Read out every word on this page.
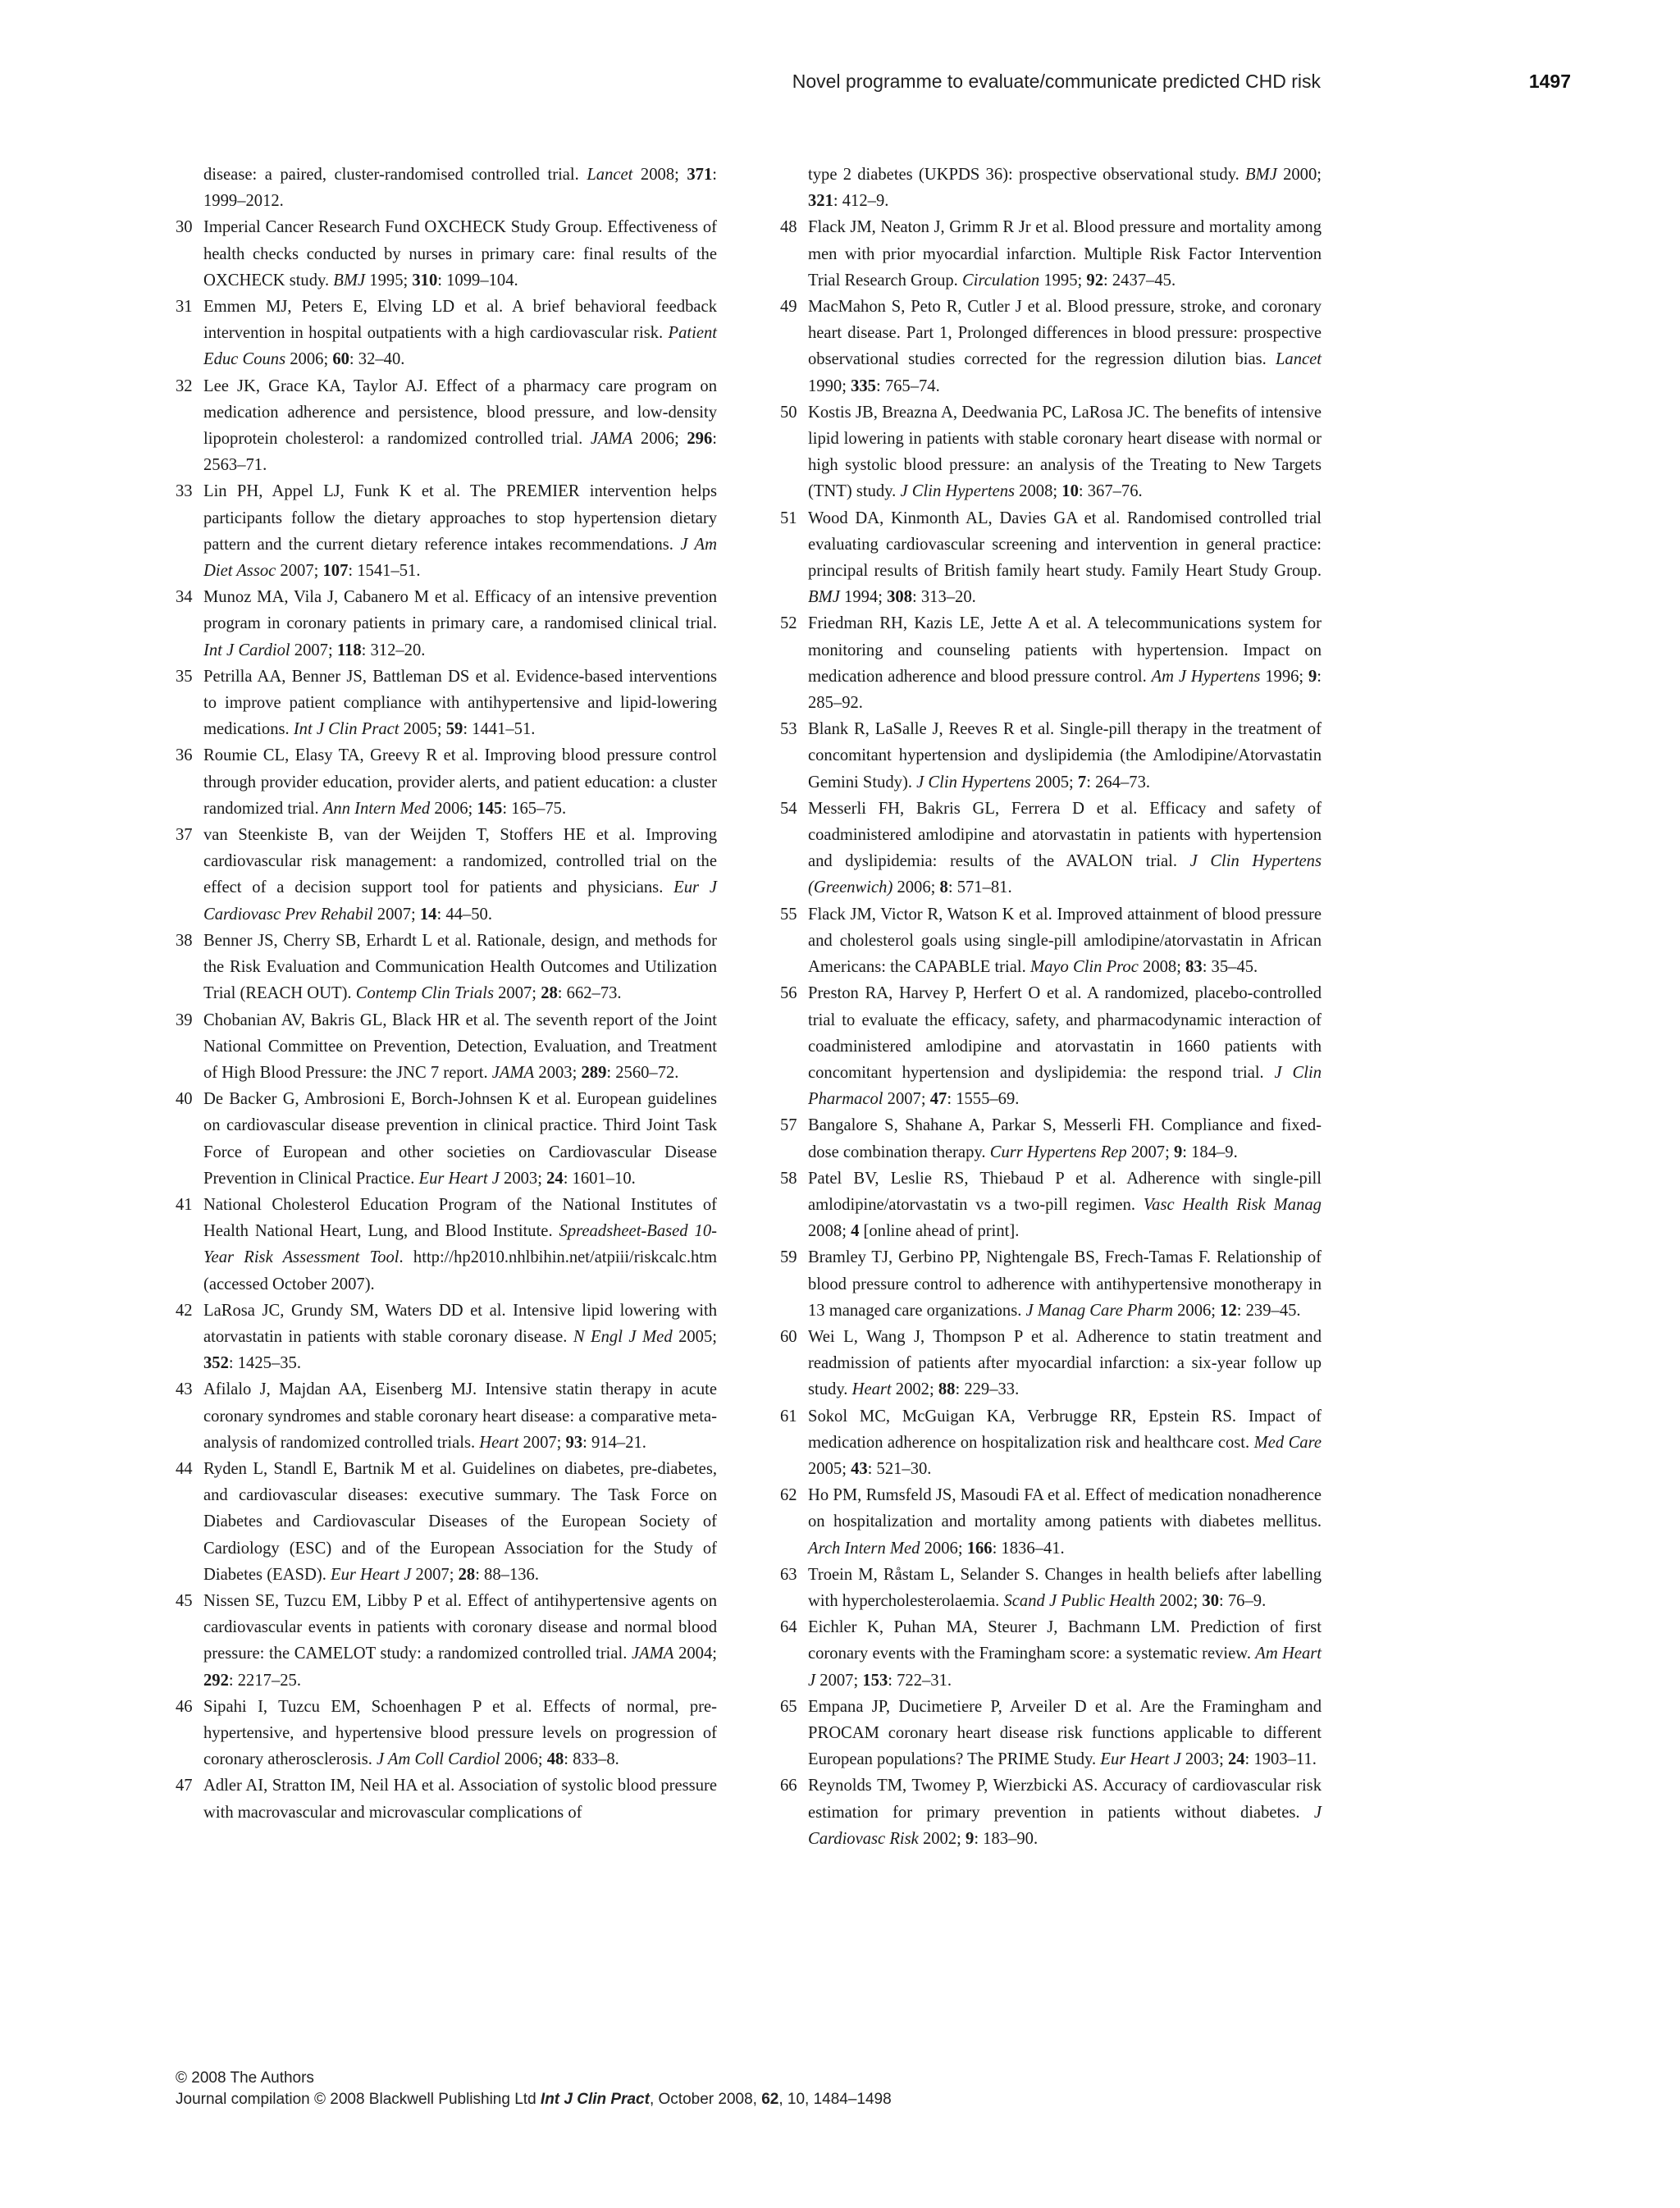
Novel programme to evaluate/communicate predicted CHD risk	1497
disease: a paired, cluster-randomised controlled trial. Lancet 2008; 371: 1999–2012.
30 Imperial Cancer Research Fund OXCHECK Study Group. Effectiveness of health checks conducted by nurses in primary care: final results of the OXCHECK study. BMJ 1995; 310: 1099–104.
31 Emmen MJ, Peters E, Elving LD et al. A brief behavioral feedback intervention in hospital outpatients with a high cardiovascular risk. Patient Educ Couns 2006; 60: 32–40.
32 Lee JK, Grace KA, Taylor AJ. Effect of a pharmacy care program on medication adherence and persistence, blood pressure, and low-density lipoprotein cholesterol: a randomized controlled trial. JAMA 2006; 296: 2563–71.
33 Lin PH, Appel LJ, Funk K et al. The PREMIER intervention helps participants follow the dietary approaches to stop hypertension dietary pattern and the current dietary reference intakes recommendations. J Am Diet Assoc 2007; 107: 1541–51.
34 Munoz MA, Vila J, Cabanero M et al. Efficacy of an intensive prevention program in coronary patients in primary care, a randomised clinical trial. Int J Cardiol 2007; 118: 312–20.
35 Petrilla AA, Benner JS, Battleman DS et al. Evidence-based interventions to improve patient compliance with antihypertensive and lipid-lowering medications. Int J Clin Pract 2005; 59: 1441–51.
36 Roumie CL, Elasy TA, Greevy R et al. Improving blood pressure control through provider education, provider alerts, and patient education: a cluster randomized trial. Ann Intern Med 2006; 145: 165–75.
37 van Steenkiste B, van der Weijden T, Stoffers HE et al. Improving cardiovascular risk management: a randomized, controlled trial on the effect of a decision support tool for patients and physicians. Eur J Cardiovasc Prev Rehabil 2007; 14: 44–50.
38 Benner JS, Cherry SB, Erhardt L et al. Rationale, design, and methods for the Risk Evaluation and Communication Health Outcomes and Utilization Trial (REACH OUT). Contemp Clin Trials 2007; 28: 662–73.
39 Chobanian AV, Bakris GL, Black HR et al. The seventh report of the Joint National Committee on Prevention, Detection, Evaluation, and Treatment of High Blood Pressure: the JNC 7 report. JAMA 2003; 289: 2560–72.
40 De Backer G, Ambrosioni E, Borch-Johnsen K et al. European guidelines on cardiovascular disease prevention in clinical practice. Third Joint Task Force of European and other societies on Cardiovascular Disease Prevention in Clinical Practice. Eur Heart J 2003; 24: 1601–10.
41 National Cholesterol Education Program of the National Institutes of Health National Heart, Lung, and Blood Institute. Spreadsheet-Based 10-Year Risk Assessment Tool. http://hp2010.nhlbihin.net/atpiii/riskcalc.htm (accessed October 2007).
42 LaRosa JC, Grundy SM, Waters DD et al. Intensive lipid lowering with atorvastatin in patients with stable coronary disease. N Engl J Med 2005; 352: 1425–35.
43 Afilalo J, Majdan AA, Eisenberg MJ. Intensive statin therapy in acute coronary syndromes and stable coronary heart disease: a comparative meta-analysis of randomized controlled trials. Heart 2007; 93: 914–21.
44 Ryden L, Standl E, Bartnik M et al. Guidelines on diabetes, pre-diabetes, and cardiovascular diseases: executive summary. The Task Force on Diabetes and Cardiovascular Diseases of the European Society of Cardiology (ESC) and of the European Association for the Study of Diabetes (EASD). Eur Heart J 2007; 28: 88–136.
45 Nissen SE, Tuzcu EM, Libby P et al. Effect of antihypertensive agents on cardiovascular events in patients with coronary disease and normal blood pressure: the CAMELOT study: a randomized controlled trial. JAMA 2004; 292: 2217–25.
46 Sipahi I, Tuzcu EM, Schoenhagen P et al. Effects of normal, pre-hypertensive, and hypertensive blood pressure levels on progression of coronary atherosclerosis. J Am Coll Cardiol 2006; 48: 833–8.
47 Adler AI, Stratton IM, Neil HA et al. Association of systolic blood pressure with macrovascular and microvascular complications of
type 2 diabetes (UKPDS 36): prospective observational study. BMJ 2000; 321: 412–9.
48 Flack JM, Neaton J, Grimm R Jr et al. Blood pressure and mortality among men with prior myocardial infarction. Multiple Risk Factor Intervention Trial Research Group. Circulation 1995; 92: 2437–45.
49 MacMahon S, Peto R, Cutler J et al. Blood pressure, stroke, and coronary heart disease. Part 1, Prolonged differences in blood pressure: prospective observational studies corrected for the regression dilution bias. Lancet 1990; 335: 765–74.
50 Kostis JB, Breazna A, Deedwania PC, LaRosa JC. The benefits of intensive lipid lowering in patients with stable coronary heart disease with normal or high systolic blood pressure: an analysis of the Treating to New Targets (TNT) study. J Clin Hypertens 2008; 10: 367–76.
51 Wood DA, Kinmonth AL, Davies GA et al. Randomised controlled trial evaluating cardiovascular screening and intervention in general practice: principal results of British family heart study. Family Heart Study Group. BMJ 1994; 308: 313–20.
52 Friedman RH, Kazis LE, Jette A et al. A telecommunications system for monitoring and counseling patients with hypertension. Impact on medication adherence and blood pressure control. Am J Hypertens 1996; 9: 285–92.
53 Blank R, LaSalle J, Reeves R et al. Single-pill therapy in the treatment of concomitant hypertension and dyslipidemia (the Amlodipine/Atorvastatin Gemini Study). J Clin Hypertens 2005; 7: 264–73.
54 Messerli FH, Bakris GL, Ferrera D et al. Efficacy and safety of coadministered amlodipine and atorvastatin in patients with hypertension and dyslipidemia: results of the AVALON trial. J Clin Hypertens (Greenwich) 2006; 8: 571–81.
55 Flack JM, Victor R, Watson K et al. Improved attainment of blood pressure and cholesterol goals using single-pill amlodipine/atorvastatin in African Americans: the CAPABLE trial. Mayo Clin Proc 2008; 83: 35–45.
56 Preston RA, Harvey P, Herfert O et al. A randomized, placebo-controlled trial to evaluate the efficacy, safety, and pharmacodynamic interaction of coadministered amlodipine and atorvastatin in 1660 patients with concomitant hypertension and dyslipidemia: the respond trial. J Clin Pharmacol 2007; 47: 1555–69.
57 Bangalore S, Shahane A, Parkar S, Messerli FH. Compliance and fixed-dose combination therapy. Curr Hypertens Rep 2007; 9: 184–9.
58 Patel BV, Leslie RS, Thiebaud P et al. Adherence with single-pill amlodipine/atorvastatin vs a two-pill regimen. Vasc Health Risk Manag 2008; 4 [online ahead of print].
59 Bramley TJ, Gerbino PP, Nightengale BS, Frech-Tamas F. Relationship of blood pressure control to adherence with antihypertensive monotherapy in 13 managed care organizations. J Manag Care Pharm 2006; 12: 239–45.
60 Wei L, Wang J, Thompson P et al. Adherence to statin treatment and readmission of patients after myocardial infarction: a six-year follow up study. Heart 2002; 88: 229–33.
61 Sokol MC, McGuigan KA, Verbrugge RR, Epstein RS. Impact of medication adherence on hospitalization risk and healthcare cost. Med Care 2005; 43: 521–30.
62 Ho PM, Rumsfeld JS, Masoudi FA et al. Effect of medication nonadherence on hospitalization and mortality among patients with diabetes mellitus. Arch Intern Med 2006; 166: 1836–41.
63 Troein M, Råstam L, Selander S. Changes in health beliefs after labelling with hypercholesterolaemia. Scand J Public Health 2002; 30: 76–9.
64 Eichler K, Puhan MA, Steurer J, Bachmann LM. Prediction of first coronary events with the Framingham score: a systematic review. Am Heart J 2007; 153: 722–31.
65 Empana JP, Ducimetiere P, Arveiler D et al. Are the Framingham and PROCAM coronary heart disease risk functions applicable to different European populations? The PRIME Study. Eur Heart J 2003; 24: 1903–11.
66 Reynolds TM, Twomey P, Wierzbicki AS. Accuracy of cardiovascular risk estimation for primary prevention in patients without diabetes. J Cardiovasc Risk 2002; 9: 183–90.
© 2008 The Authors
Journal compilation © 2008 Blackwell Publishing Ltd Int J Clin Pract, October 2008, 62, 10, 1484–1498
